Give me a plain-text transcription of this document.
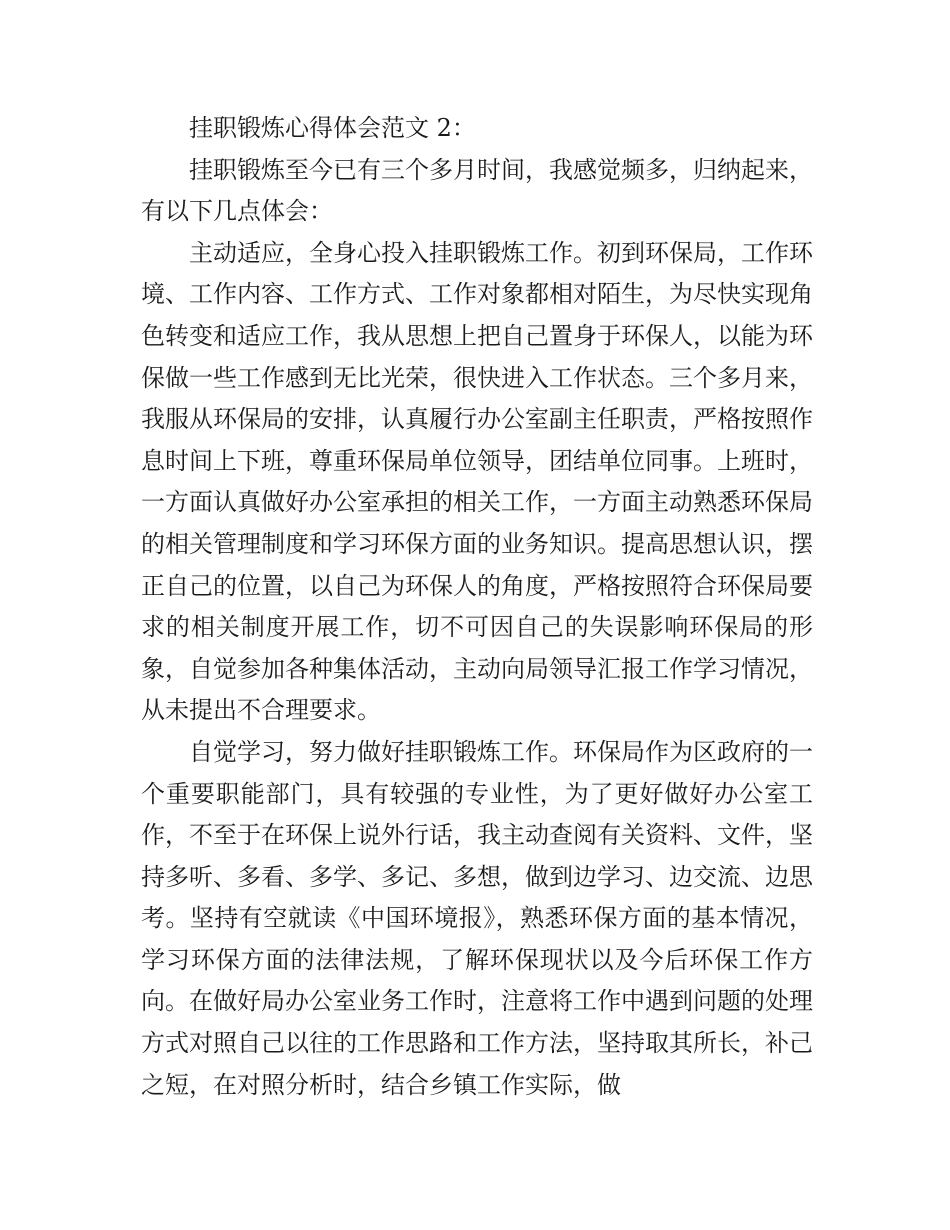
挂职锻炼心得体会范文 2：

挂职锻炼至今已有三个多月时间，我感觉频多，归纳起来，有以下几点体会：

主动适应，全身心投入挂职锻炼工作。初到环保局，工作环境、工作内容、工作方式、工作对象都相对陌生，为尽快实现角色转变和适应工作，我从思想上把自己置身于环保人，以能为环保做一些工作感到无比光荣，很快进入工作状态。三个多月来，我服从环保局的安排，认真履行办公室副主任职责，严格按照作息时间上下班，尊重环保局单位领导，团结单位同事。上班时，一方面认真做好办公室承担的相关工作，一方面主动熟悉环保局的相关管理制度和学习环保方面的业务知识。提高思想认识，摆正自己的位置，以自己为环保人的角度，严格按照符合环保局要求的相关制度开展工作，切不可因自己的失误影响环保局的形象，自觉参加各种集体活动，主动向局领导汇报工作学习情况，从未提出不合理要求。

自觉学习，努力做好挂职锻炼工作。环保局作为区政府的一个重要职能部门，具有较强的专业性，为了更好做好办公室工作，不至于在环保上说外行话，我主动查阅有关资料、文件，坚持多听、多看、多学、多记、多想，做到边学习、边交流、边思考。坚持有空就读《中国环境报》，熟悉环保方面的基本情况，学习环保方面的法律法规，了解环保现状以及今后环保工作方向。在做好局办公室业务工作时，注意将工作中遇到问题的处理方式对照自己以往的工作思路和工作方法，坚持取其所长，补己之短，在对照分析时，结合乡镇工作实际，做
